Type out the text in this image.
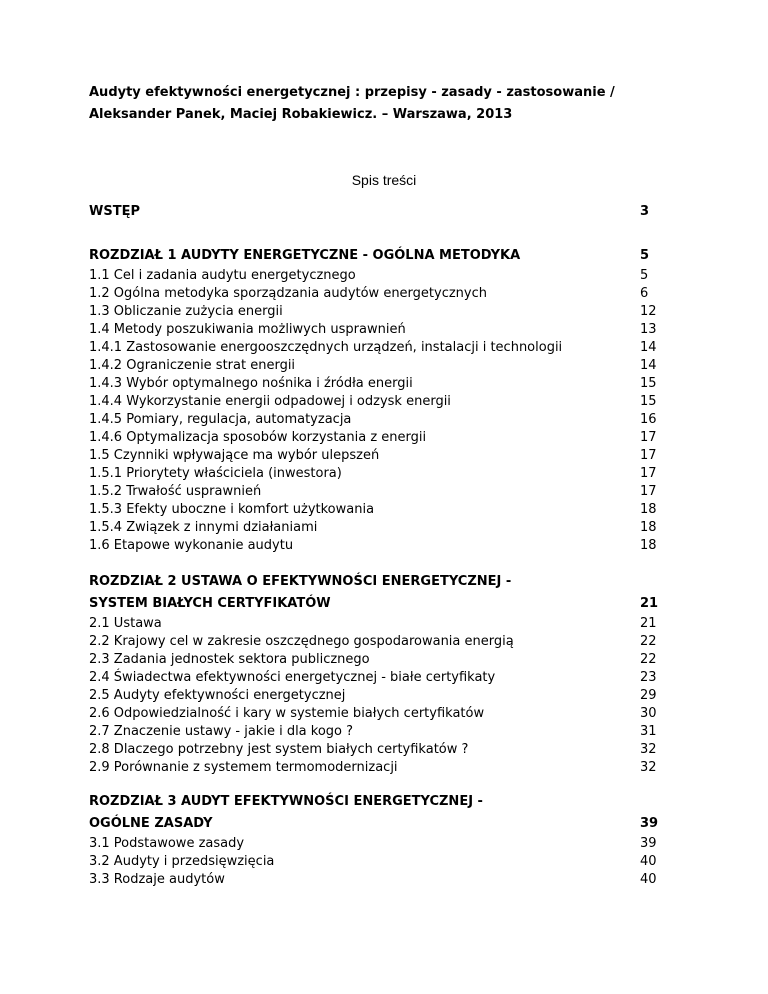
Audyty efektywności energetycznej : przepisy - zasady - zastosowanie /
Aleksander Panek, Maciej Robakiewicz. – Warszawa, 2013
Spis treści
WSTĘP	3
ROZDZIAŁ 1 AUDYTY ENERGETYCZNE - OGÓLNA METODYKA	5
1.1 Cel i zadania audytu energetycznego	5
1.2 Ogólna metodyka sporządzania audytów energetycznych	6
1.3 Obliczanie zużycia energii	12
1.4 Metody poszukiwania możliwych usprawnień	13
1.4.1 Zastosowanie energooszczędnych urządzeń, instalacji i technologii	14
1.4.2 Ograniczenie strat energii	14
1.4.3 Wybór optymalnego nośnika i źródła energii	15
1.4.4 Wykorzystanie energii odpadowej i odzysk energii	15
1.4.5 Pomiary, regulacja, automatyzacja	16
1.4.6 Optymalizacja sposobów korzystania z energii	17
1.5 Czynniki wpływające ma wybór ulepszeń	17
1.5.1 Priorytety właściciela (inwestora)	17
1.5.2 Trwałość usprawnień	17
1.5.3 Efekty uboczne i komfort użytkowania	18
1.5.4 Związek z innymi działaniami	18
1.6 Etapowe wykonanie audytu	18
ROZDZIAŁ 2 USTAWA O EFEKTYWNOŚCI ENERGETYCZNEJ -
SYSTEM BIAŁYCH CERTYFIKATÓW	21
2.1 Ustawa	21
2.2 Krajowy cel w zakresie oszczędnego gospodarowania energią	22
2.3 Zadania jednostek sektora publicznego	22
2.4 Świadectwa efektywności energetycznej - białe certyfikaty	23
2.5 Audyty efektywności energetycznej	29
2.6 Odpowiedzialność i kary w systemie białych certyfikatów	30
2.7 Znaczenie ustawy - jakie i dla kogo ?	31
2.8 Dlaczego potrzebny jest system białych certyfikatów ?	32
2.9 Porównanie z systemem termomodernizacji	32
ROZDZIAŁ 3 AUDYT EFEKTYWNOŚCI ENERGETYCZNEJ -
OGÓLNE ZASADY	39
3.1 Podstawowe zasady	39
3.2 Audyty i przedsięwzięcia	40
3.3 Rodzaje audytów	40
